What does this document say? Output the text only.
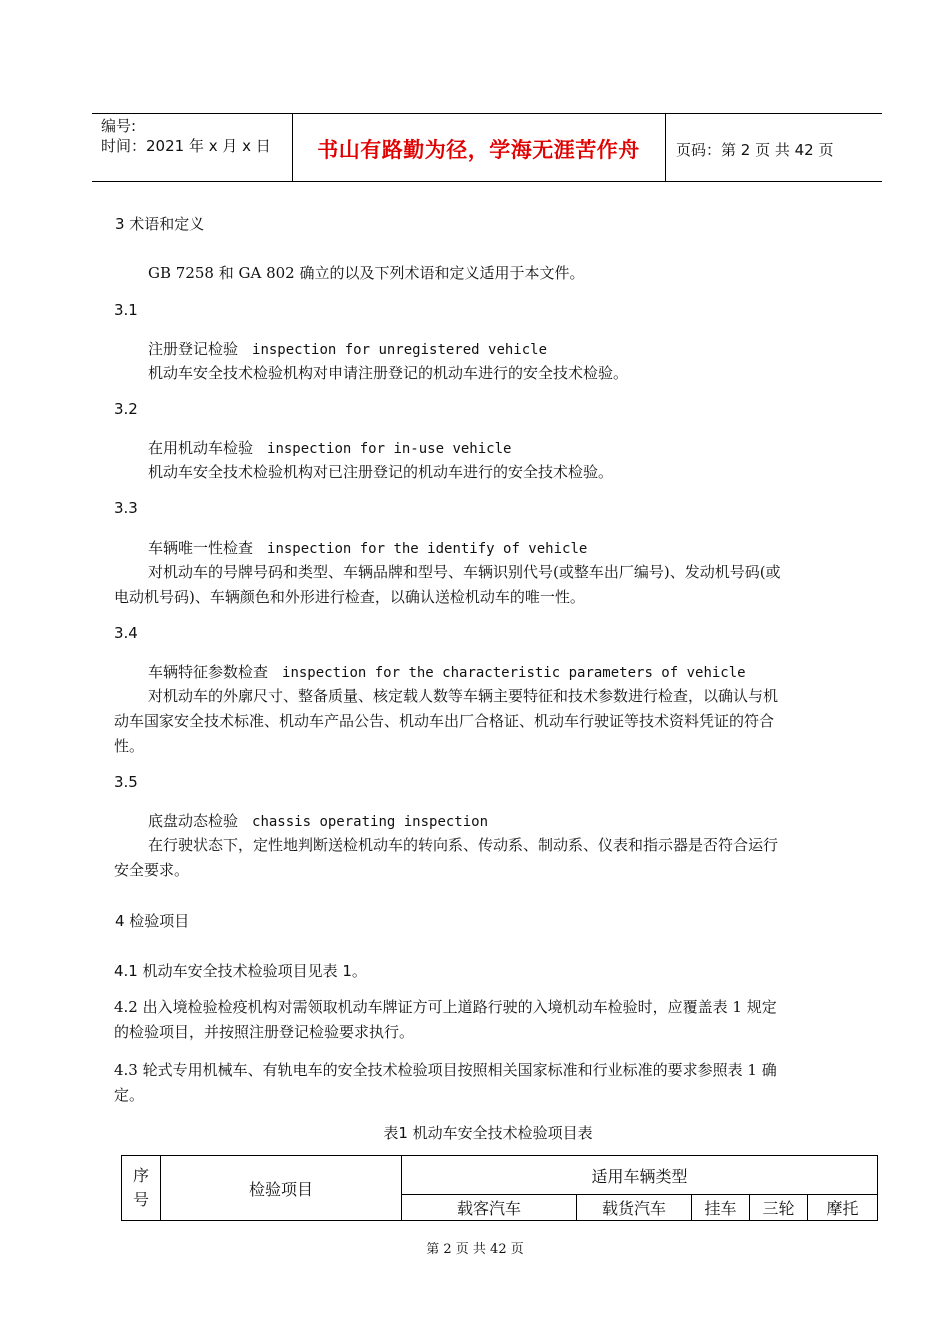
编号:
时间：2021 年 x 月 x 日	书山有路勤为径，学海无涯苦作舟	页码：第 2 页 共 42 页
3 术语和定义
GB 7258 和 GA 802 确立的以及下列术语和定义适用于本文件。
3.1
注册登记检验 inspection for unregistered vehicle
机动车安全技术检验机构对申请注册登记的机动车进行的安全技术检验。
3.2
在用机动车检验 inspection for in-use vehicle
机动车安全技术检验机构对已注册登记的机动车进行的安全技术检验。
3.3
车辆唯一性检查 inspection for the identify of vehicle
对机动车的号牌号码和类型、车辆品牌和型号、车辆识别代号(或整车出厂编号)、发动机号码(或
电动机号码)、车辆颜色和外形进行检查，以确认送检机动车的唯一性。
3.4
车辆特征参数检查 inspection for the characteristic parameters of vehicle
对机动车的外廓尺寸、整备质量、核定载人数等车辆主要特征和技术参数进行检查，以确认与机
动车国家安全技术标准、机动车产品公告、机动车出厂合格证、机动车行驶证等技术资料凭证的符合
性。
3.5
底盘动态检验 chassis operating inspection
在行驶状态下，定性地判断送检机动车的转向系、传动系、制动系、仪表和指示器是否符合运行
安全要求。
4 检验项目
4.1 机动车安全技术检验项目见表 1。
4.2 出入境检验检疫机构对需领取机动车牌证方可上道路行驶的入境机动车检验时，应覆盖表 1 规定
的检验项目，并按照注册登记检验要求执行。
4.3 轮式专用机械车、有轨电车的安全技术检验项目按照相关国家标准和行业标准的要求参照表 1 确
定。
表1 机动车安全技术检验项目表
序
号	检验项目	适用车辆类型				
		载客汽车	载货汽车	挂车	三轮	摩托
第 2 页 共 42 页
